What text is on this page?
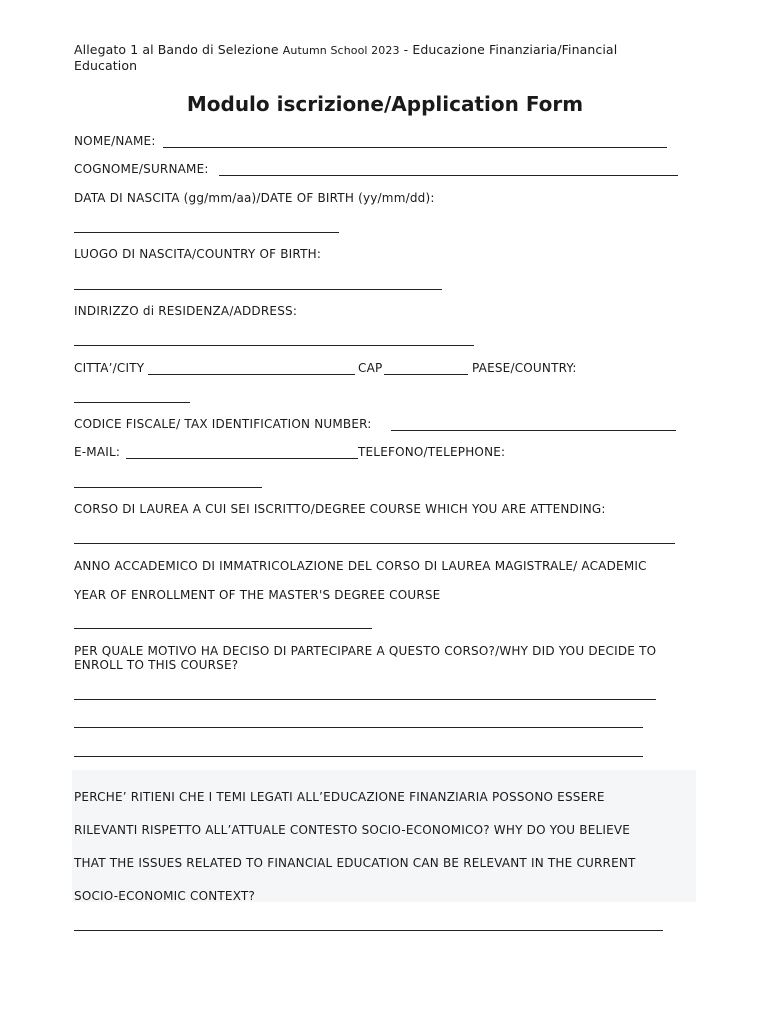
Allegato 1 al Bando di Selezione Autumn School 2023 - Educazione Finanziaria/Financial
Education
Modulo iscrizione/Application Form
NOME/NAME:
COGNOME/SURNAME:
DATA DI NASCITA (gg/mm/aa)/DATE OF BIRTH (yy/mm/dd):
LUOGO DI NASCITA/COUNTRY OF BIRTH:
INDIRIZZO di RESIDENZA/ADDRESS:
CITTA’/CITY	CAP	PAESE/COUNTRY:
CODICE FISCALE/ TAX IDENTIFICATION NUMBER:
E-MAIL:	TELEFONO/TELEPHONE:
CORSO DI LAUREA A CUI SEI ISCRITTO/DEGREE COURSE WHICH YOU ARE ATTENDING:
ANNO ACCADEMICO DI IMMATRICOLAZIONE DEL CORSO DI LAUREA MAGISTRALE/ ACADEMIC
YEAR OF ENROLLMENT OF THE MASTER'S DEGREE COURSE
PER QUALE MOTIVO HA DECISO DI PARTECIPARE A QUESTO CORSO?/WHY DID YOU DECIDE TO
ENROLL TO THIS COURSE?
PERCHE’ RITIENI CHE I TEMI LEGATI ALL’EDUCAZIONE FINANZIARIA POSSONO ESSERE
RILEVANTI RISPETTO ALL’ATTUALE CONTESTO SOCIO-ECONOMICO? WHY DO YOU BELIEVE
THAT THE ISSUES RELATED TO FINANCIAL EDUCATION CAN BE RELEVANT IN THE CURRENT
SOCIO-ECONOMIC CONTEXT?
